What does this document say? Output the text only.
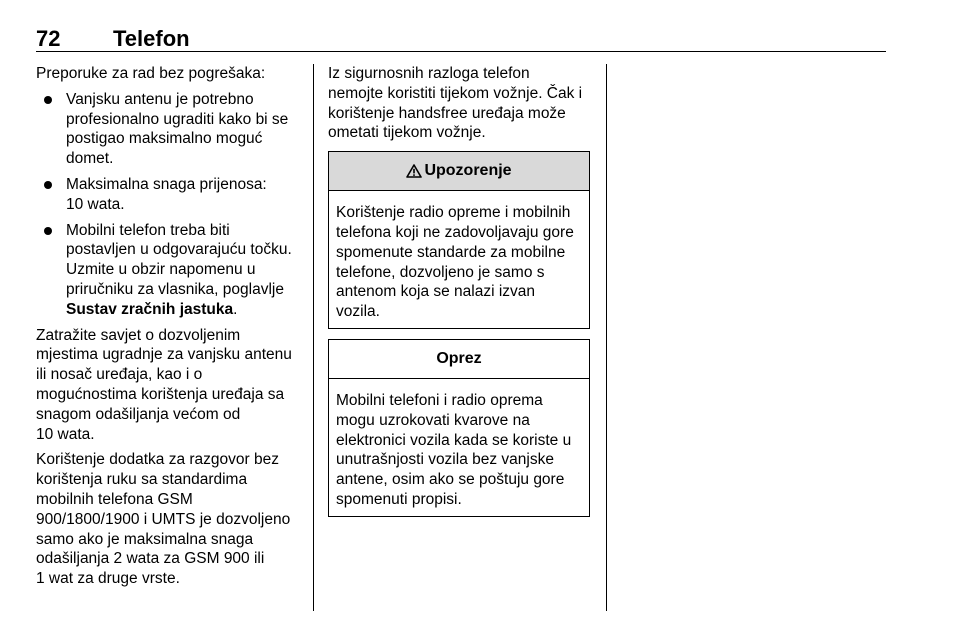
72 Telefon

Preporuke za rad bez pogrešaka:

Vanjsku antenu je potrebno
profesionalno ugraditi kako bi se
postigao maksimalno moguć
domet.
Maksimalna snaga prijenosa:
10 wata.
Mobilni telefon treba biti
postavljen u odgovarajuću točku.
Uzmite u obzir napomenu u
priručniku za vlasnika, poglavlje
Sustav zračnih jastuka.

Zatražite savjet o dozvoljenim
mjestima ugradnje za vanjsku antenu
ili nosač uređaja, kao i o
mogućnostima korištenja uređaja sa
snagom odašiljanja većom od
10 wata.

Korištenje dodatka za razgovor bez
korištenja ruku sa standardima
mobilnih telefona GSM
900/1800/1900 i UMTS je dozvoljeno
samo ako je maksimalna snaga
odašiljanja 2 wata za GSM 900 ili
1 wat za druge vrste.

Iz sigurnosnih razloga telefon
nemojte koristiti tijekom vožnje. Čak i
korištenje handsfree uređaja može
ometati tijekom vožnje.

Upozorenje
Korištenje radio opreme i mobilnih
telefona koji ne zadovoljavaju gore
spomenute standarde za mobilne
telefone, dozvoljeno je samo s
antenom koja se nalazi izvan
vozila.
Oprez
Mobilni telefoni i radio oprema
mogu uzrokovati kvarove na
elektronici vozila kada se koriste u
unutrašnjosti vozila bez vanjske
antene, osim ako se poštuju gore
spomenuti propisi.
